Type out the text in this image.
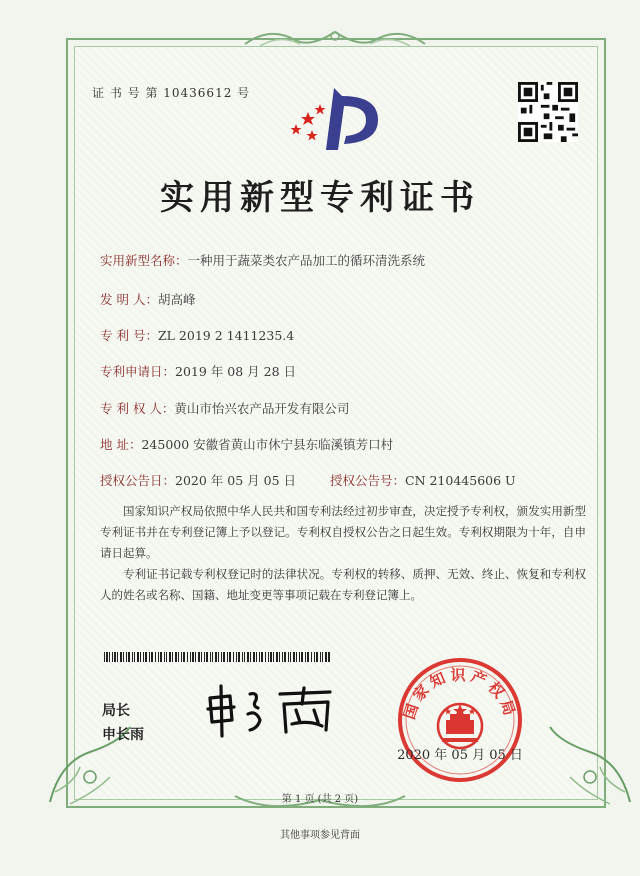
证 书 号 第 10436612 号
实用新型专利证书
实用新型名称：一种用于蔬菜类农产品加工的循环清洗系统
发 明 人：胡高峰
专 利 号：ZL 2019 2 1411235.4
专利申请日：2019 年 08 月 28 日
专 利 权 人：黄山市怡兴农产品开发有限公司
地 址：245000 安徽省黄山市休宁县东临溪镇芳口村
授权公告日：2020 年 05 月 05 日	授权公告号：CN 210445606 U
国家知识产权局依照中华人民共和国专利法经过初步审查，决定授予专利权，颁发实用新型专利证书并在专利登记簿上予以登记。专利权自授权公告之日起生效。专利权期限为十年，自申请日起算。
专利证书记载专利权登记时的法律状况。专利权的转移、质押、无效、终止、恢复和专利权人的姓名或名称、国籍、地址变更等事项记载在专利登记簿上。
局长
申长雨
国家知识产权局
2020 年 05 月 05 日
第 1 页 (共 2 页)
其他事项参见背面
